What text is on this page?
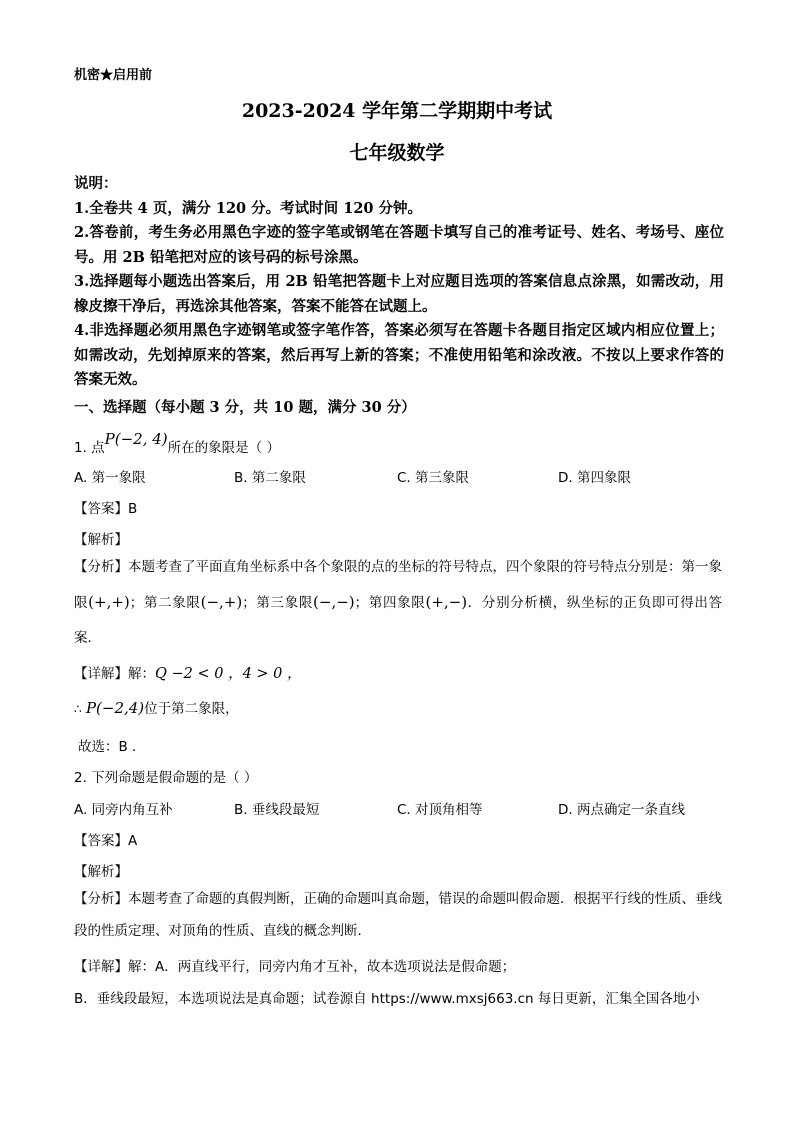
机密★启用前
2023-2024 学年第二学期期中考试
七年级数学

说明：

1.全卷共 4 页，满分 120 分。考试时间 120 分钟。

2.答卷前，考生务必用黑色字迹的签字笔或钢笔在答题卡填写自己的准考证号、姓名、考场号、座位号。用 2B 铅笔把对应的该号码的标号涂黑。

3.选择题每小题选出答案后，用 2B 铅笔把答题卡上对应题目选项的答案信息点涂黑，如需改动，用橡皮擦干净后，再选涂其他答案，答案不能答在试题上。

4.非选择题必须用黑色字迹钢笔或签字笔作答，答案必须写在答题卡各题目指定区域内相应位置上；如需改动，先划掉原来的答案，然后再写上新的答案；不准使用铅笔和涂改液。不按以上要求作答的答案无效。

一、选择题（每小题 3 分，共 10 题，满分 30 分）
1. 点P(−2, 4)所在的象限是（ ）
A. 第一象限	B. 第二象限	C. 第三象限	D. 第四象限
【答案】B
【解析】
【分析】本题考查了平面直角坐标系中各个象限的点的坐标的符号特点，四个象限的符号特点分别是：第一象限(+,+)；第二象限(−,+)；第三象限(−,−)；第四象限(+,−)．分别分析横，纵坐标的正负即可得出答案．
【详解】解：Q −2 < 0 ，4 > 0 ，
∴ P(−2,4)位于第二象限，
故选：B ．
2. 下列命题是假命题的是（ ）
A. 同旁内角互补	B. 垂线段最短	C. 对顶角相等	D. 两点确定一条直线
【答案】A
【解析】
【分析】本题考查了命题的真假判断，正确的命题叫真命题，错误的命题叫假命题．根据平行线的性质、垂线段的性质定理、对顶角的性质、直线的概念判断．
【详解】解：A．两直线平行，同旁内角才互补，故本选项说法是假命题；
B．垂线段最短，本选项说法是真命题；试卷源自 https://www.mxsj663.cn 每日更新，汇集全国各地小
